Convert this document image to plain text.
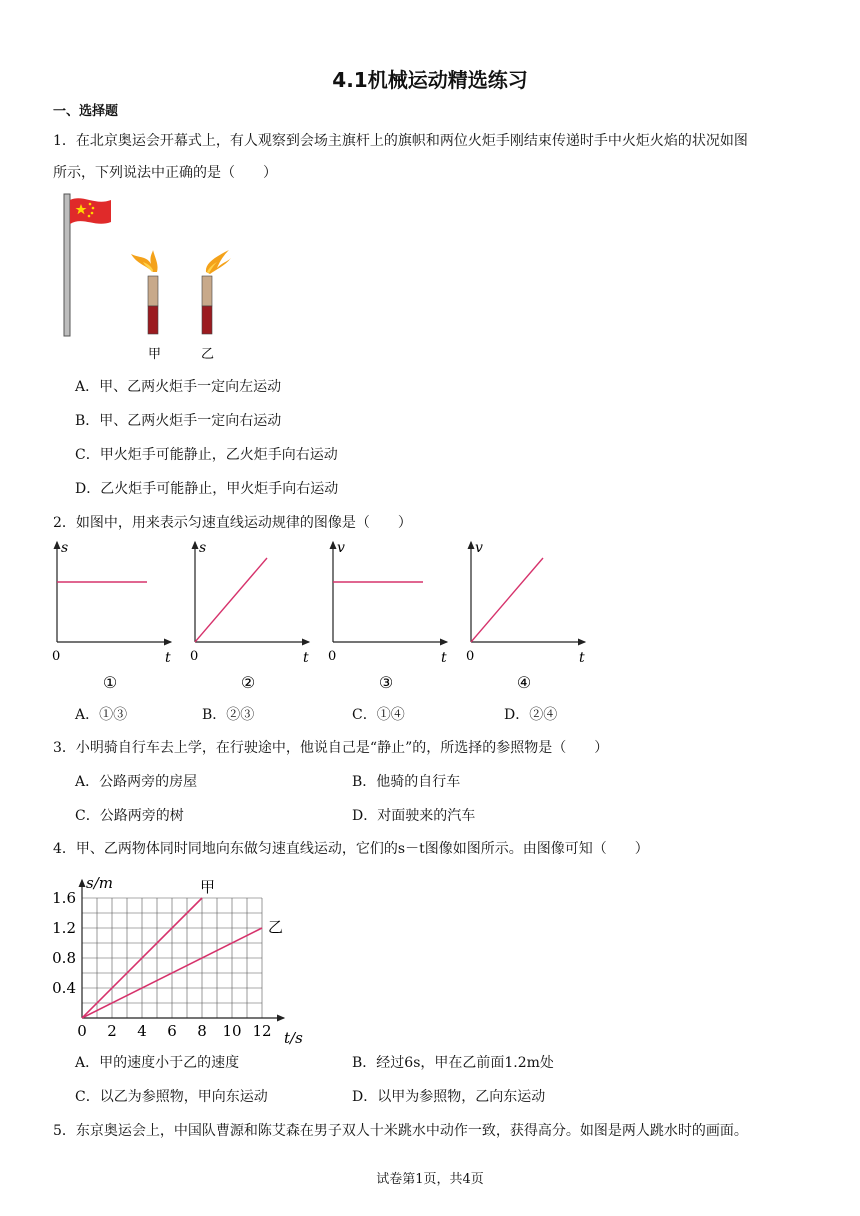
4.1机械运动精选练习
一、选择题
1．在北京奥运会开幕式上，有人观察到会场主旗杆上的旗帜和两位火炬手刚结束传递时手中火炬火焰的状况如图
所示，下列说法中正确的是（　　）
甲	乙
A．甲、乙两火炬手一定向左运动
B．甲、乙两火炬手一定向右运动
C．甲火炬手可能静止，乙火炬手向右运动
D．乙火炬手可能静止，甲火炬手向右运动
2．如图中，用来表示匀速直线运动规律的图像是（　　）
s
t
0
①
s
t
0
②
v
t
0
③
v
t
0
④
A．①③	B．②③	C．①④	D．②④
3．小明骑自行车去上学，在行驶途中，他说自己是“静止”的，所选择的参照物是（　　）
A．公路两旁的房屋	B．他骑的自行车
C．公路两旁的树	D．对面驶来的汽车
4．甲、乙两物体同时同地向东做匀速直线运动，它们的s－t图像如图所示。由图像可知（　　）
s/m
t/s
0 2 4 6 8 10 12
0.4
0.8
1.2
1.6
甲
乙
A．甲的速度小于乙的速度	B．经过6s，甲在乙前面1.2m处
C．以乙为参照物，甲向东运动	D．以甲为参照物，乙向东运动
5．东京奥运会上，中国队曹源和陈艾森在男子双人十米跳水中动作一致，获得高分。如图是两人跳水时的画面。
试卷第1页，共4页
